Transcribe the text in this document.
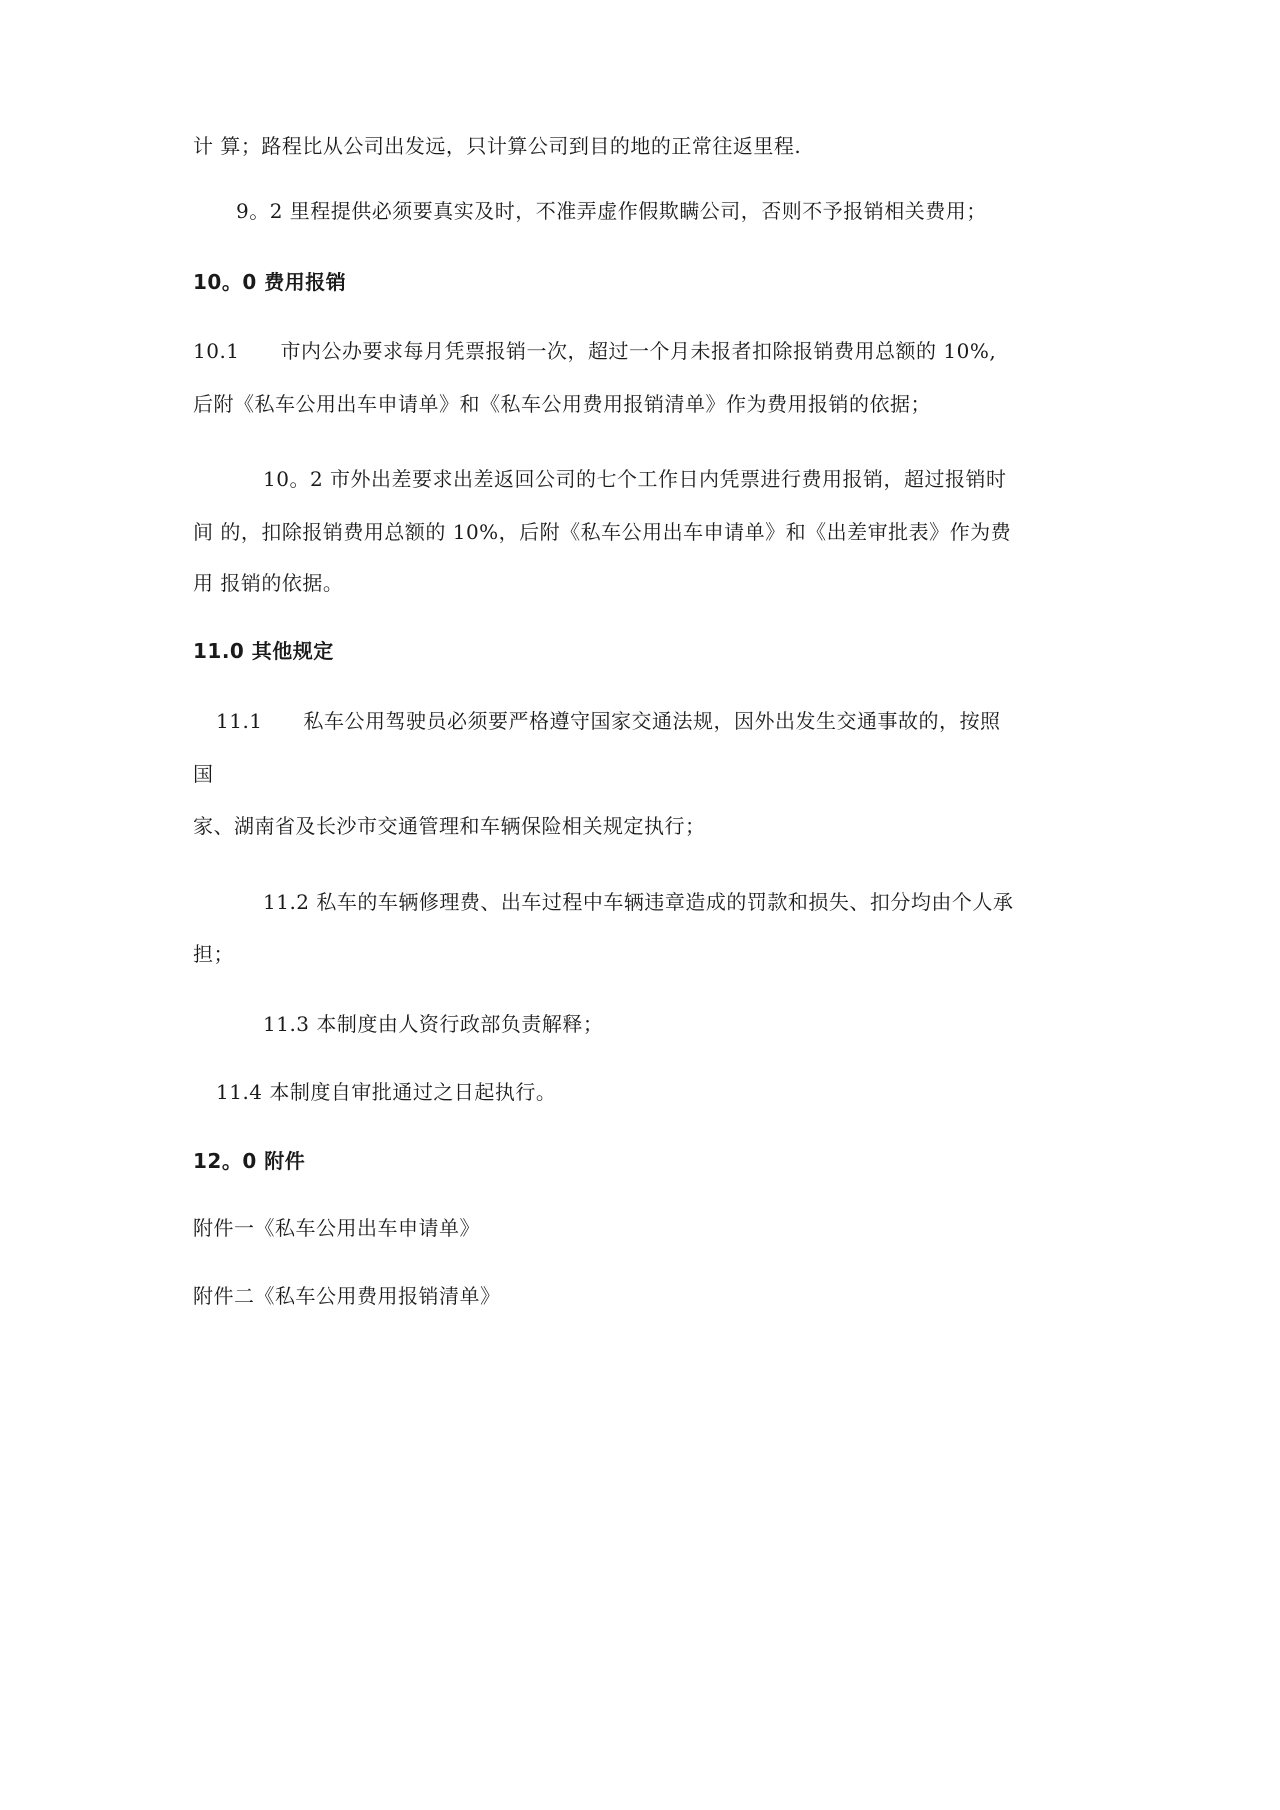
计 算；路程比从公司出发远，只计算公司到目的地的正常往返里程.
9。2 里程提供必须要真实及时，不准弄虚作假欺瞒公司，否则不予报销相关费用；
10。0 费用报销
10.1　　市内公办要求每月凭票报销一次，超过一个月未报者扣除报销费用总额的 10%,
后附《私车公用出车申请单》和《私车公用费用报销清单》作为费用报销的依据；
10。2 市外出差要求出差返回公司的七个工作日内凭票进行费用报销，超过报销时
间 的，扣除报销费用总额的 10%，后附《私车公用出车申请单》和《出差审批表》作为费
用 报销的依据。
11.0 其他规定
11.1　　私车公用驾驶员必须要严格遵守国家交通法规，因外出发生交通事故的，按照
国
家、湖南省及长沙市交通管理和车辆保险相关规定执行；
11.2 私车的车辆修理费、出车过程中车辆违章造成的罚款和损失、扣分均由个人承
担；
11.3 本制度由人资行政部负责解释；
11.4 本制度自审批通过之日起执行。
12。0 附件
附件一《私车公用出车申请单》
附件二《私车公用费用报销清单》
